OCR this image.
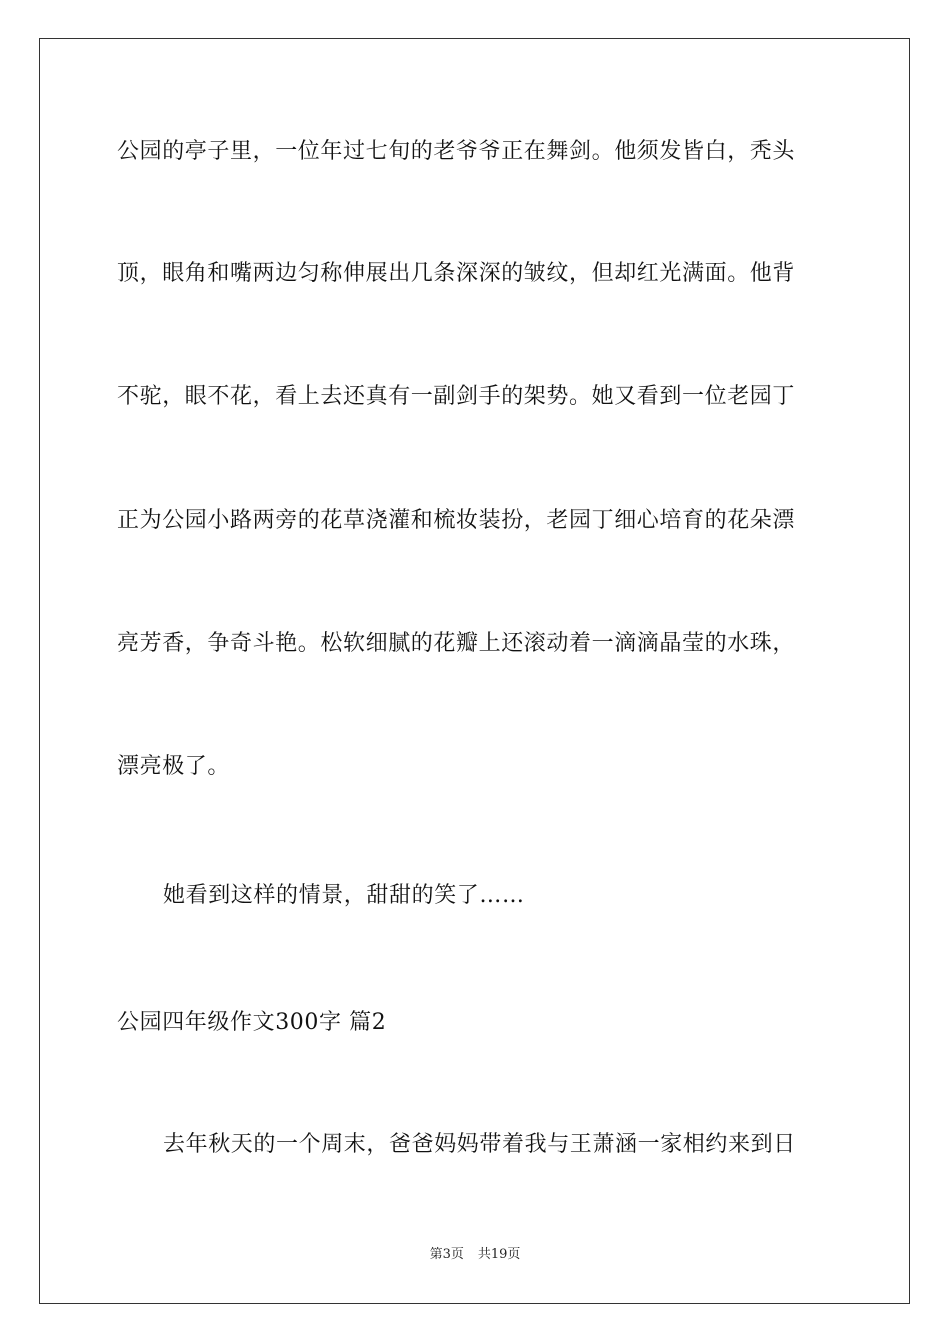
公园的亭子里，一位年过七旬的老爷爷正在舞剑。他须发皆白，秃头
顶，眼角和嘴两边匀称伸展出几条深深的皱纹，但却红光满面。他背
不驼，眼不花，看上去还真有一副剑手的架势。她又看到一位老园丁
正为公园小路两旁的花草浇灌和梳妆装扮，老园丁细心培育的花朵漂
亮芳香，争奇斗艳。松软细腻的花瓣上还滚动着一滴滴晶莹的水珠，
漂亮极了。
她看到这样的情景，甜甜的笑了……
公园四年级作文300字 篇2
去年秋天的一个周末，爸爸妈妈带着我与王萧涵一家相约来到日
第3页 共19页
